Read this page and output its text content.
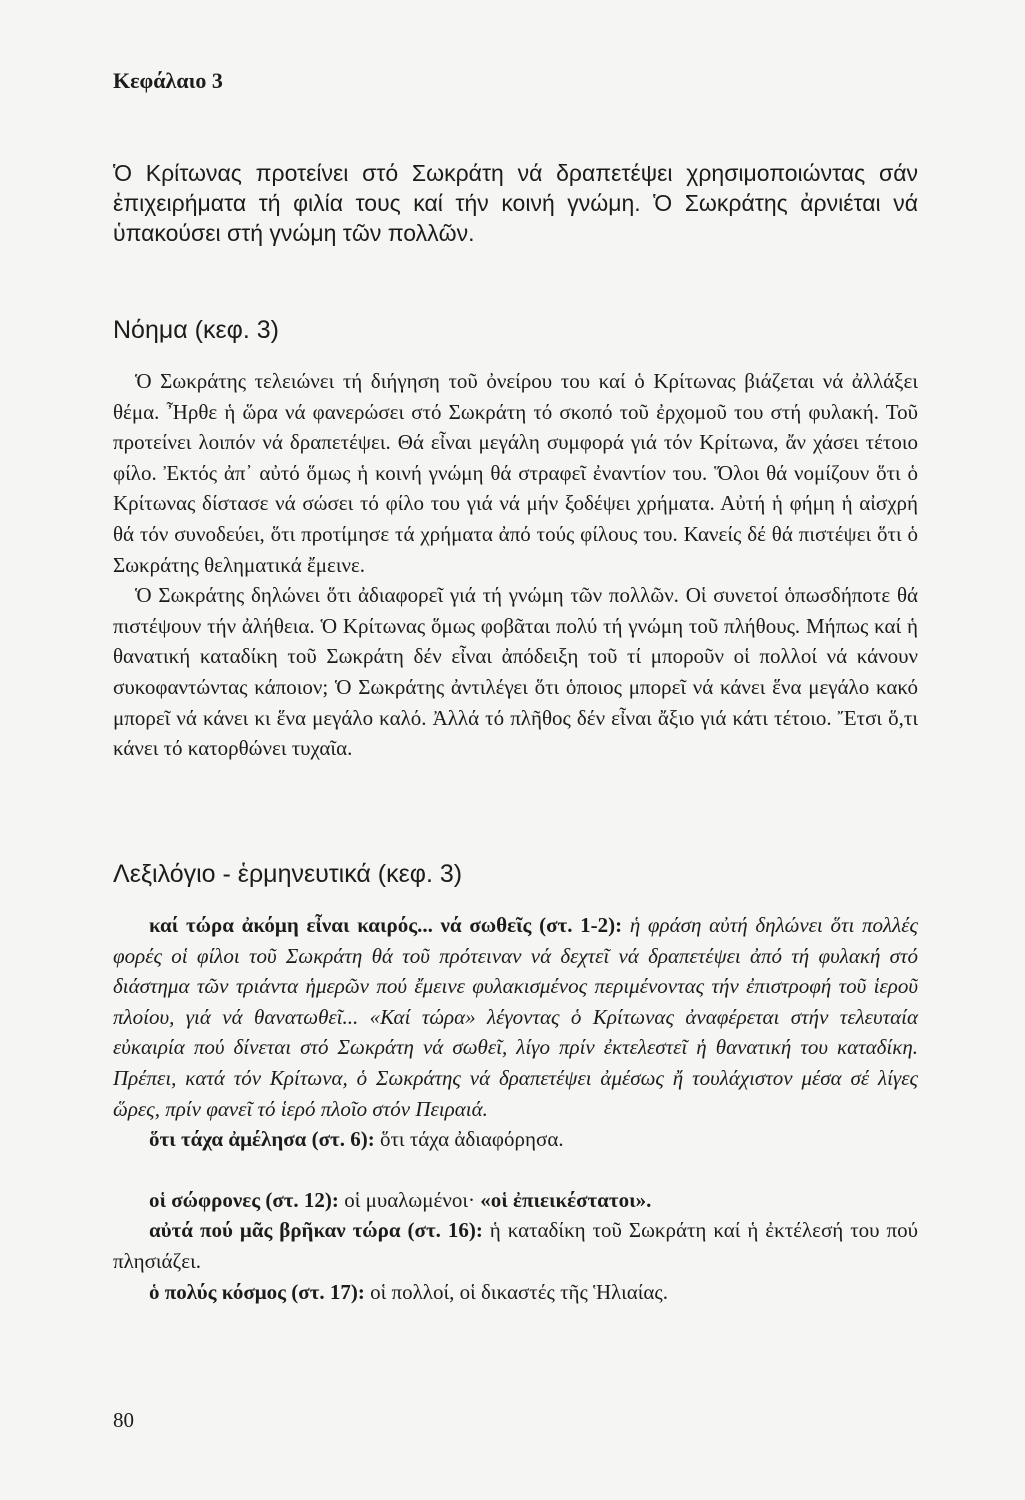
Κεφάλαιο 3
Ὁ Κρίτωνας προτείνει στό Σωκράτη νά δραπετέψει χρησιμοποιώντας σάν ἐπιχειρήματα τή φιλία τους καί τήν κοινή γνώμη. Ὁ Σωκράτης ἀρνιέται νά ὑπακούσει στή γνώμη τῶν πολλῶν.
Νόημα (κεφ. 3)

Ὁ Σωκράτης τελειώνει τή διήγηση τοῦ ὀνείρου του καί ὁ Κρίτωνας βιάζεται νά ἀλλάξει θέμα. Ἦρθε ἡ ὥρα νά φανερώσει στό Σωκράτη τό σκοπό τοῦ ἐρχομοῦ του στή φυλακή. Τοῦ προτείνει λοιπόν νά δραπετέψει. Θά εἶναι μεγάλη συμφορά γιά τόν Κρίτωνα, ἄν χάσει τέτοιο φίλο. Ἐκτός ἀπ᾽ αὐτό ὅμως ἡ κοινή γνώμη θά στραφεῖ ἐναντίον του. Ὅλοι θά νομίζουν ὅτι ὁ Κρίτωνας δίστασε νά σώσει τό φίλο του γιά νά μήν ξοδέψει χρήματα. Αὐτή ἡ φήμη ἡ αἰσχρή θά τόν συνοδεύει, ὅτι προτίμησε τά χρήματα ἀπό τούς φίλους του. Κανείς δέ θά πιστέψει ὅτι ὁ Σωκράτης θεληματικά ἔμεινε.

Ὁ Σωκράτης δηλώνει ὅτι ἀδιαφορεῖ γιά τή γνώμη τῶν πολλῶν. Οἱ συνετοί ὁπωσδήποτε θά πιστέψουν τήν ἀλήθεια. Ὁ Κρίτωνας ὅμως φοβᾶται πολύ τή γνώμη τοῦ πλήθους. Μήπως καί ἡ θανατική καταδίκη τοῦ Σωκράτη δέν εἶναι ἀπόδειξη τοῦ τί μποροῦν οἱ πολλοί νά κάνουν συκοφαντώντας κάποιον; Ὁ Σωκράτης ἀντιλέγει ὅτι ὁποιος μπορεῖ νά κάνει ἕνα μεγάλο κακό μπορεῖ νά κάνει κι ἕνα μεγάλο καλό. Ἀλλά τό πλῆθος δέν εἶναι ἄξιο γιά κάτι τέτοιο. Ἔτσι ὅ,τι κάνει τό κατορθώνει τυχαῖα.

Λεξιλόγιο - ἑρμηνευτικά (κεφ. 3)

καί τώρα ἀκόμη εἶναι καιρός... νά σωθεῖς (στ. 1-2): ἡ φράση αὐτή δηλώνει ὅτι πολλές φορές οἱ φίλοι τοῦ Σωκράτη θά τοῦ πρότειναν νά δεχτεῖ νά δραπετέψει ἀπό τή φυλακή στό διάστημα τῶν τριάντα ἡμερῶν πού ἔμεινε φυλακισμένος περιμένοντας τήν ἐπιστροφή τοῦ ἱεροῦ πλοίου, γιά νά θανατωθεῖ... «Καί τώρα» λέγοντας ὁ Κρίτωνας ἀναφέρεται στήν τελευταία εὐκαιρία πού δίνεται στό Σωκράτη νά σωθεῖ, λίγο πρίν ἐκτελεστεῖ ἡ θανατική του καταδίκη. Πρέπει, κατά τόν Κρίτωνα, ὁ Σωκράτης νά δραπετέψει ἀμέσως ἤ τουλάχιστον μέσα σέ λίγες ὥρες, πρίν φανεῖ τό ἱερό πλοῖο στόν Πειραιά.

ὅτι τάχα ἀμέλησα (στ. 6): ὅτι τάχα ἀδιαφόρησα.

οἱ σώφρονες (στ. 12): οἱ μυαλωμένοι· «οἱ ἐπιεικέστατοι».

αὐτά πού μᾶς βρῆκαν τώρα (στ. 16): ἡ καταδίκη τοῦ Σωκράτη καί ἡ ἐκτέλεσή του πού πλησιάζει.

ὁ πολύς κόσμος (στ. 17): οἱ πολλοί, οἱ δικαστές τῆς Ἡλιαίας.

80
